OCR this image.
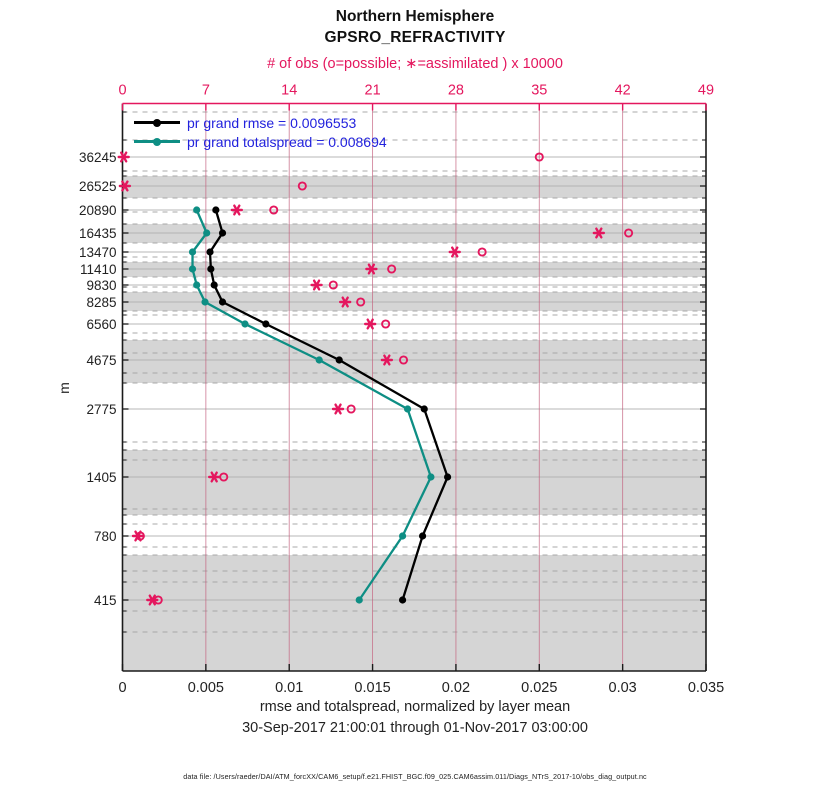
0	0.005	0.01	0.015	0.02	0.025	0.03	0.035
0	7	14	21	28	35	42	49
36245
26525
20890
16435
13470
11410
9830
8285
6560
4675
2775
1405
780
415
Northern Hemisphere
GPSRO_REFRACTIVITY
# of obs (o=possible; ∗=assimilated ) x 10000
pr grand rmse = 0.0096553
pr grand totalspread = 0.008694
m
rmse and totalspread, normalized by layer mean
30-Sep-2017 21:00:01 through 01-Nov-2017 03:00:00
data file: /Users/raeder/DAI/ATM_forcXX/CAM6_setup/f.e21.FHIST_BGC.f09_025.CAM6assim.011/Diags_NTrS_2017-10/obs_diag_output.nc
